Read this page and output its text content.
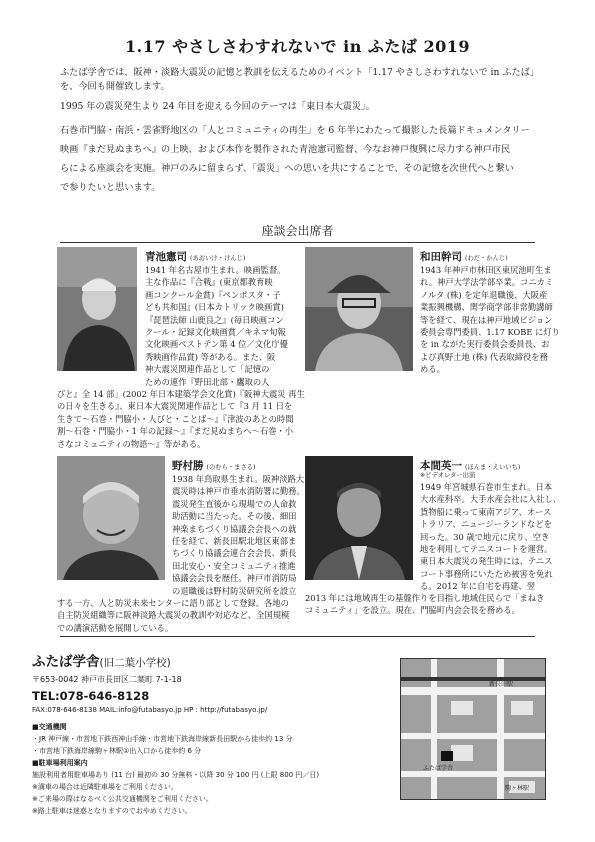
1.17 やさしさわすれないで in ふたば 2019
ふたば学舎では、阪神・淡路大震災の記憶と教訓を伝えるためのイベント「1.17 やさしさわすれないで in ふたば」
を、今回も開催致します。
1995 年の震災発生より 24 年目を迎える今回のテーマは「東日本大震災」。
石巻市門脇・南浜・雲雀野地区の「人とコミュニティの再生」を 6 年半にわたって撮影した長篇ドキュメンタリー
映画『まだ見ぬまちへ』の上映、および本作を製作された青池憲司監督、今なお神戸復興に尽力する神戸市民
らによる座談会を実施。神戸のみに留まらず、「震災」への思いを共にすることで、その記憶を次世代へと繋い
で参りたいと思います。
座談会出席者
青池憲司 (あおいけ・けんじ)
1941 年名古屋市生まれ。映画監督。
主な作品に『合戦』(東京都教育映
画コンクール金賞)『ベンポスタ・子
ども共和国』(日本カトリック映画賞)
『琵琶法師 山鹿良之』(毎日映画コン
クール・記録文化映画賞／キネマ旬報
文化映画ベストテン第 4 位／文化庁優
秀映画作品賞) 等がある。また、阪
神大震災関連作品として「記憶の
ための連作『野田北部・鷹取の人
びと』全 14 部」(2002 年日本建築学会文化賞)『阪神大震災 再生
の日々を生きる』、東日本大震災関連作品として『3 月 11 日を
生きて～石巻・門脇小・人びと・ことば～』『津波のあとの時間
割～石巻・門脇小・1 年の記録～』『まだ見ぬまちへ～石巻・小
さなコミュニティの物語～』等がある。
和田幹司 (わだ・かんじ)
1943 年神戸市林田区東尻池町生ま
れ。神戸大学法学部卒業。コニカミ
ノルタ (株) を定年退職後、大阪産
業振興機構、関学商学部非常勤講師
等を経て、現在は神戸地域ビジョン
委員会専門委員、1.17 KOBE に灯り
を in ながた実行委員会委員長、お
よび真野土地 (株) 代表取締役を務
める。
野村勝 (のむら・まさる)
1938 年鳥取県生まれ。阪神淡路大
震災時は神戸市垂水消防署に勤務。
震災発生直後から現場での人命救
助活動に当たった。その後、細田
神楽まちづくり協議会会長への就
任を経て、新長田駅北地区東部ま
ちづくり協議会連合会会長、新長
田北安心・安全コミュニティ推進
協議会会長を歴任。神戸市消防局
の退職後は野村防災研究所を設立
する一方、人と防災未来センターに語り部として登録。各地の
自主防災組織等に阪神淡路大震災の教訓や対応など、全国規模
での講演活動を展開している。
本間英一 (ほんま・えいいち)
※ビデオレター出演
1949 年宮城県石巻市生まれ。日本
大水産科卒。大手水産会社に入社し、
貨物船に乗って東南アジア、オース
トラリア、ニュージーランドなどを
回った。30 歳で地元に戻り、空き
地を利用してテニスコートを運営。
東日本大震災の発生時には、テニス
コート事務所にいたため被害を免れ
る。2012 年に自宅を再建、翌
2013 年には地域再生の基盤作りを目指し地域住民らで「まねき
コミュニティ」を設立。現在、門脇町内会会長を務める。
ふたば学舎(旧二葉小学校)
〒653-0042 神戸市長田区二葉町 7-1-18
TEL:078-646-8128
FAX:078-646-8138 MAIL:info@futabasyo.jp HP : http://futabasyo.jp/
■交通機関
・JR 神戸線・市営地下鉄西神山手線・市営地下鉄海岸線新長田駅から徒歩約 13 分
・市営地下鉄海岸線駒ヶ林駅①出入口から徒歩約 6 分
■駐車場利用案内
施設利用者用駐車場あり (11 台) 最初の 30 分無料・以降 30 分 100 円 (上限 800 円／日)
※満車の場合は近隣駐車場をご利用ください。
※ご来場の際はなるべく公共交通機関をご利用ください。
※路上駐車は迷惑となりますのでおやめください。
新長田駅
ふたば学舎
駒ヶ林駅
